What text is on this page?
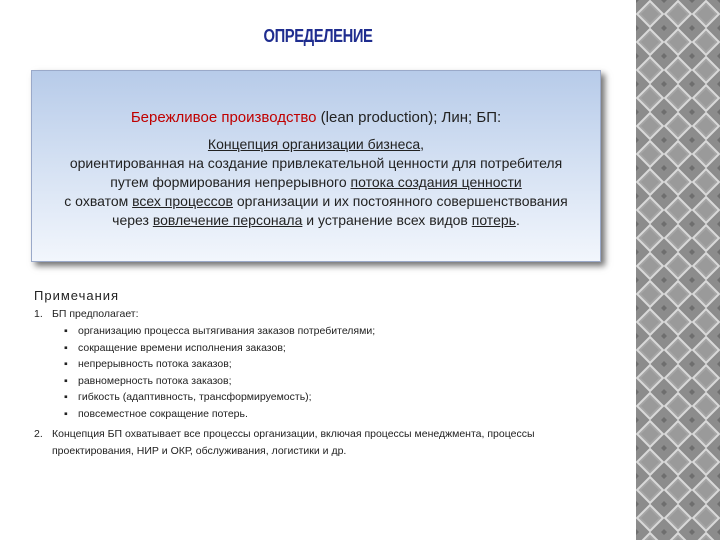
ОПРЕДЕЛЕНИЕ
Бережливое производство (lean production); Лин; БП:
Концепция организации бизнеса,
ориентированная на создание привлекательной ценности для потребителя
путем формирования непрерывного потока создания ценности
с охватом всех процессов организации и их постоянного совершенствования
через вовлечение персонала и устранение всех видов потерь.
Примечания
1. БП предполагает:
▪ организацию процесса вытягивания заказов потребителями;
▪ сокращение времени исполнения заказов;
▪ непрерывность потока заказов;
▪ равномерность потока заказов;
▪ гибкость (адаптивность, трансформируемость);
▪ повсеместное сокращение потерь.
2. Концепция БП охватывает все процессы организации, включая процессы менеджмента, процессы проектирования, НИР и ОКР, обслуживания, логистики и др.
